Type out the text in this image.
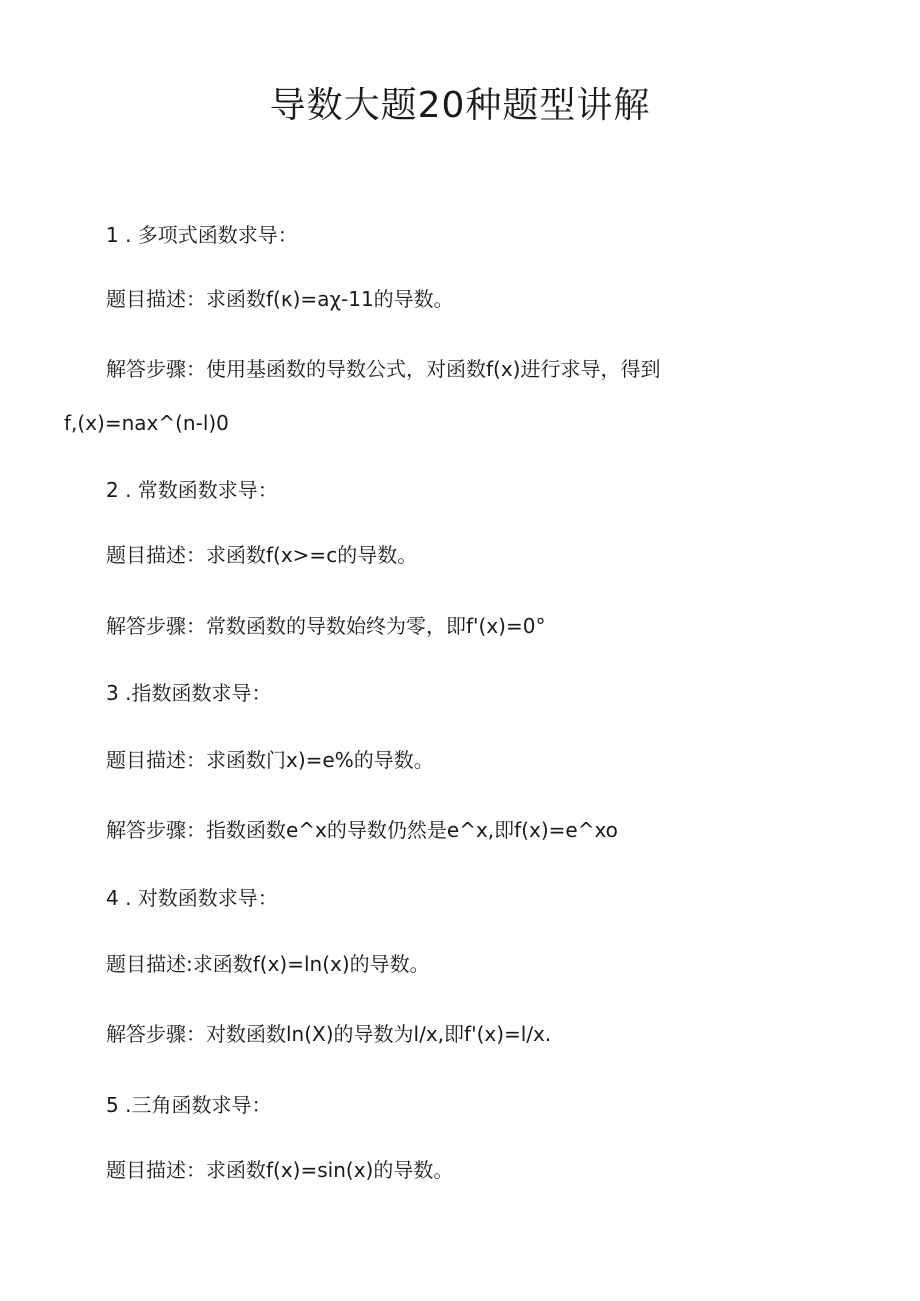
导数大题20种题型讲解
1 . 多项式函数求导：
题目描述：求函数f(κ)=aχ-11的导数。
解答步骤：使用基函数的导数公式，对函数f(x)进行求导，得到
f,(x)=nax^(n-l)0
2 . 常数函数求导：
题目描述：求函数f(x>=c的导数。
解答步骤：常数函数的导数始终为零，即f'(x)=0°
3 .指数函数求导：
题目描述：求函数门x)=e%的导数。
解答步骤：指数函数e^x的导数仍然是e^x,即f(x)=e^xo
4 . 对数函数求导：
题目描述:求函数f(x)=ln(x)的导数。
解答步骤：对数函数ln(X)的导数为l∕x,即f'(x)=l∕x.
5 .三角函数求导：
题目描述：求函数f(x)=sin(x)的导数。
